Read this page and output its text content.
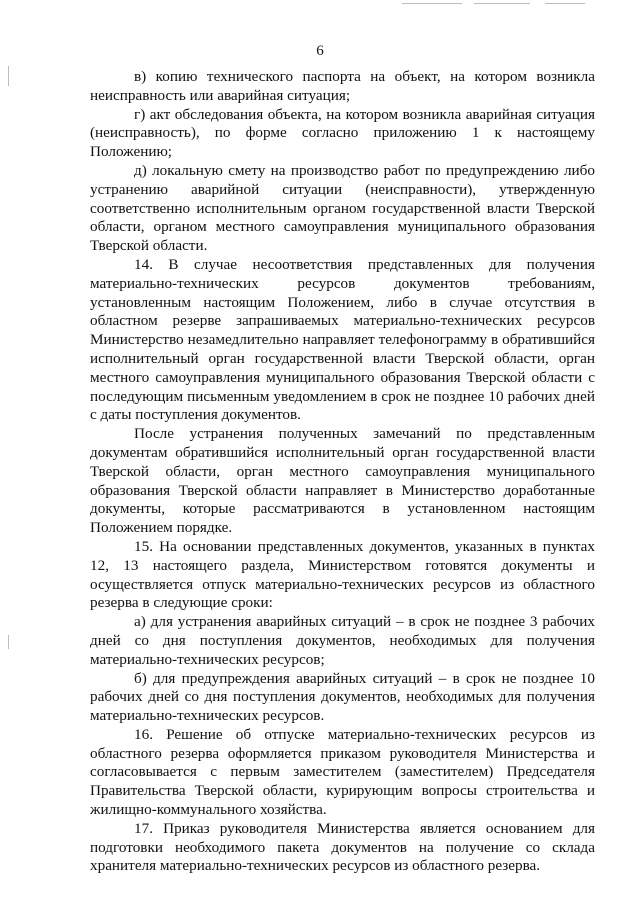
6

в) копию технического паспорта на объект, на котором возникла неисправность или аварийная ситуация;

г) акт обследования объекта, на котором возникла аварийная ситуация (неисправность), по форме согласно приложению 1 к настоящему Положению;

д) локальную смету на производство работ по предупреждению либо устранению аварийной ситуации (неисправности), утвержденную соответственно исполнительным органом государственной власти Тверской области, органом местного самоуправления муниципального образования Тверской области.

14. В случае несоответствия представленных для получения материально-технических ресурсов документов требованиям, установленным настоящим Положением, либо в случае отсутствия в областном резерве запрашиваемых материально-технических ресурсов Министерство незамедлительно направляет телефонограмму в обратившийся исполнительный орган государственной власти Тверской области, орган местного самоуправления муниципального образования Тверской области с последующим письменным уведомлением в срок не позднее 10 рабочих дней с даты поступления документов.

После устранения полученных замечаний по представленным документам обратившийся исполнительный орган государственной власти Тверской области, орган местного самоуправления муниципального образования Тверской области направляет в Министерство доработанные документы, которые рассматриваются в установленном настоящим Положением порядке.

15. На основании представленных документов, указанных в пунктах 12, 13 настоящего раздела, Министерством готовятся документы и осуществляется отпуск материально-технических ресурсов из областного резерва в следующие сроки:

а) для устранения аварийных ситуаций – в срок не позднее 3 рабочих дней со дня поступления документов, необходимых для получения материально-технических ресурсов;

б) для предупреждения аварийных ситуаций – в срок не позднее 10 рабочих дней со дня поступления документов, необходимых для получения материально-технических ресурсов.

16. Решение об отпуске материально-технических ресурсов из областного резерва оформляется приказом руководителя Министерства и согласовывается с первым заместителем (заместителем) Председателя Правительства Тверской области, курирующим вопросы строительства и жилищно-коммунального хозяйства.

17. Приказ руководителя Министерства является основанием для подготовки необходимого пакета документов на получение со склада хранителя материально-технических ресурсов из областного резерва.
